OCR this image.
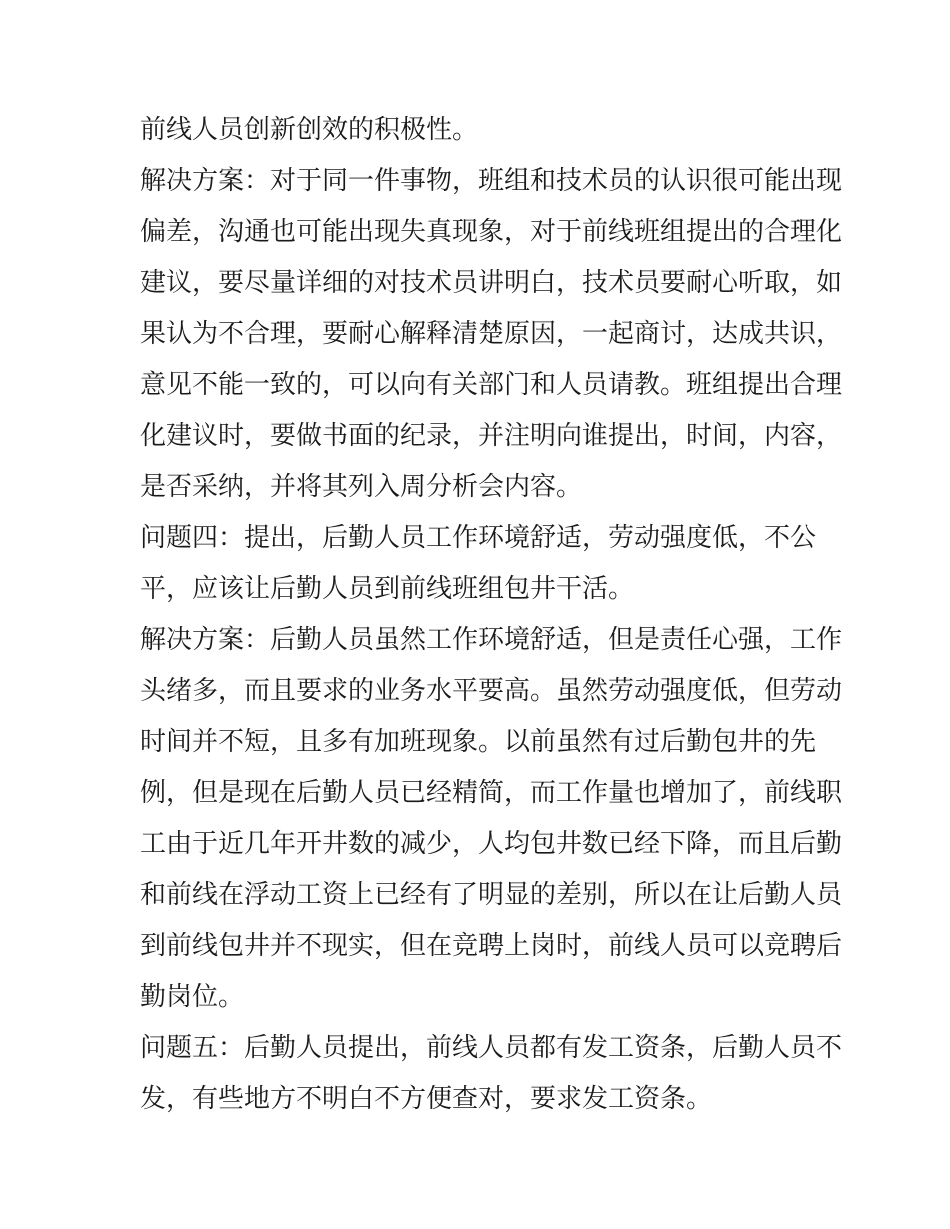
前线人员创新创效的积极性。
解决方案：对于同一件事物，班组和技术员的认识很可能出现
偏差，沟通也可能出现失真现象，对于前线班组提出的合理化
建议，要尽量详细的对技术员讲明白，技术员要耐心听取，如
果认为不合理，要耐心解释清楚原因，一起商讨，达成共识，
意见不能一致的，可以向有关部门和人员请教。班组提出合理
化建议时，要做书面的纪录，并注明向谁提出，时间，内容，
是否采纳，并将其列入周分析会内容。
问题四：提出，后勤人员工作环境舒适，劳动强度低，不公
平，应该让后勤人员到前线班组包井干活。
解决方案：后勤人员虽然工作环境舒适，但是责任心强，工作
头绪多，而且要求的业务水平要高。虽然劳动强度低，但劳动
时间并不短，且多有加班现象。以前虽然有过后勤包井的先
例，但是现在后勤人员已经精简，而工作量也增加了，前线职
工由于近几年开井数的减少，人均包井数已经下降，而且后勤
和前线在浮动工资上已经有了明显的差别，所以在让后勤人员
到前线包井并不现实，但在竞聘上岗时，前线人员可以竞聘后
勤岗位。
问题五：后勤人员提出，前线人员都有发工资条，后勤人员不
发，有些地方不明白不方便查对，要求发工资条。
